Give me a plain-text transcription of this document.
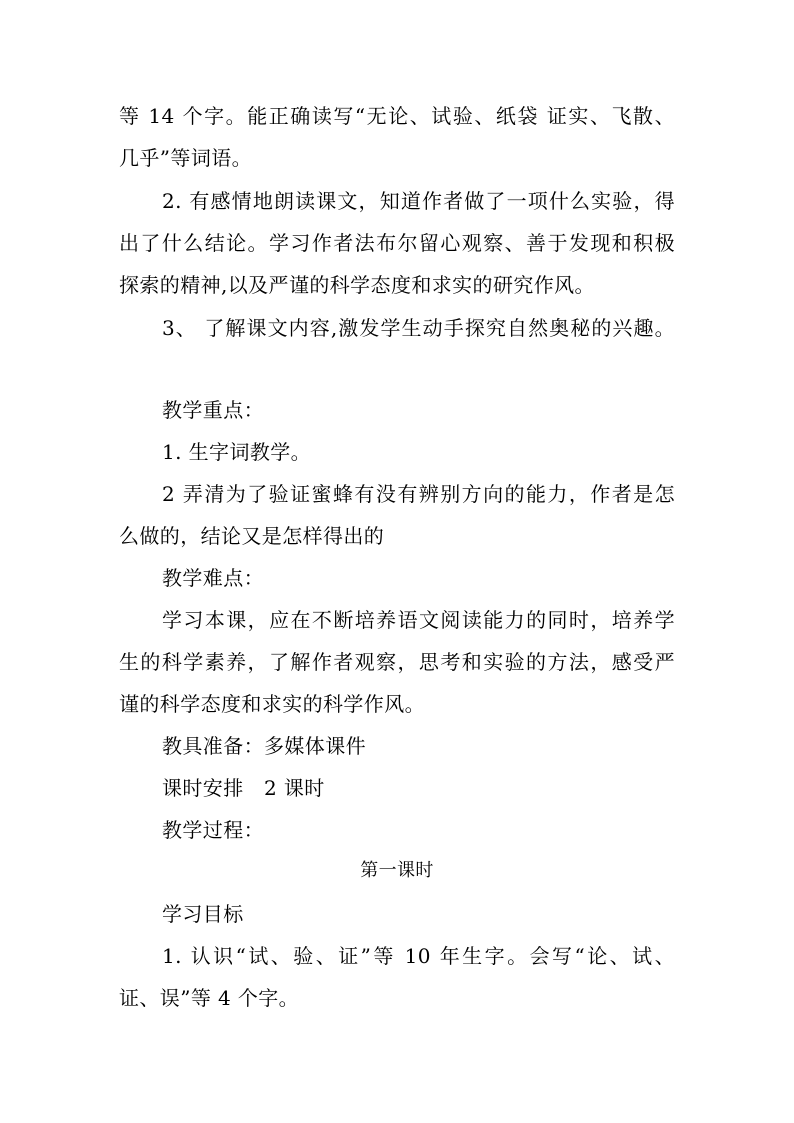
等 14 个字。能正确读写“无论、试验、纸袋 证实、飞散、
几乎”等词语。
2. 有感情地朗读课文，知道作者做了一项什么实验，得
出了什么结论。学习作者法布尔留心观察、善于发现和积极
探索的精神,以及严谨的科学态度和求实的研究作风。
3、 了解课文内容,激发学生动手探究自然奥秘的兴趣。
教学重点：
1. 生字词教学。
2 弄清为了验证蜜蜂有没有辨别方向的能力，作者是怎
么做的，结论又是怎样得出的
教学难点：
学习本课，应在不断培养语文阅读能力的同时，培养学
生的科学素养，了解作者观察，思考和实验的方法，感受严
谨的科学态度和求实的科学作风。
教具准备：多媒体课件
课时安排　2 课时
教学过程：
第一课时
学习目标
1. 认识“试、验、证”等 10 年生字。会写“论、试、
证、误”等 4 个字。
